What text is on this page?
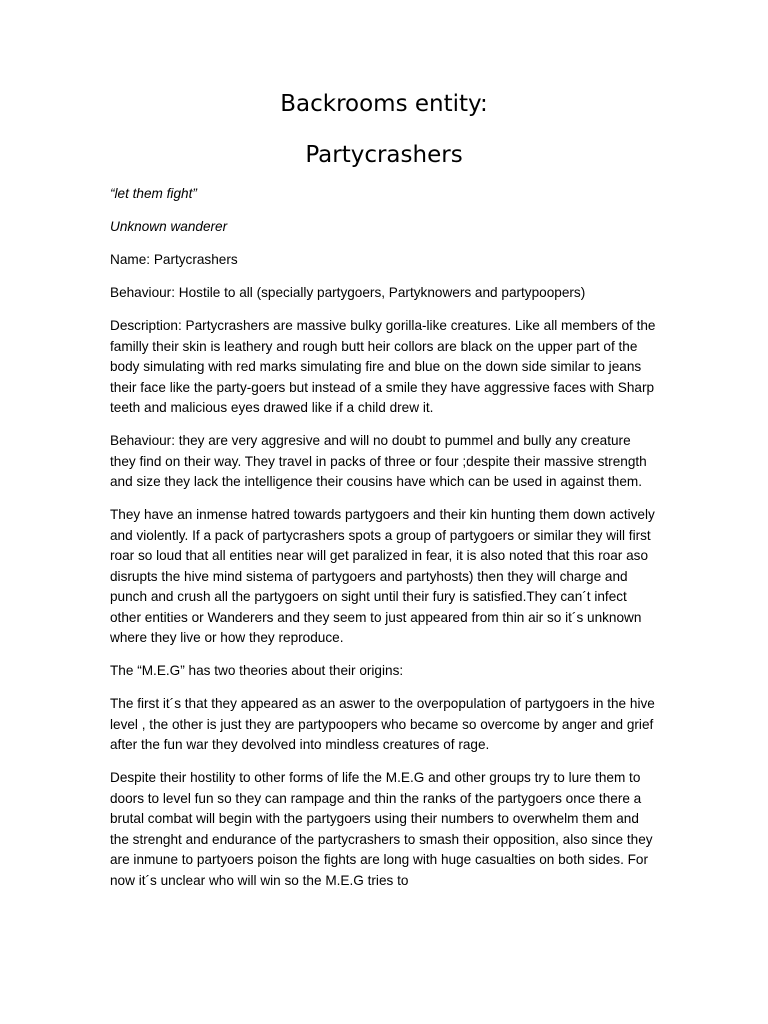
Backrooms entity:
Partycrashers

“let them fight”

Unknown wanderer

Name: Partycrashers

Behaviour: Hostile to all (specially partygoers, Partyknowers and partypoopers)

Description: Partycrashers are massive bulky gorilla-like creatures. Like all members of the familly their skin is leathery and rough butt heir collors are black on the upper part of the body simulating with red marks simulating fire and blue on the down side similar to jeans their face like the party-goers but instead of a smile they have aggressive faces with Sharp teeth and malicious eyes drawed like if a child drew it.

Behaviour: they are very aggresive and will no doubt to pummel and bully any creature they find on their way. They travel in packs of three or four ;despite their massive strength and size they lack the intelligence their cousins have which can be used in against them.

They have an inmense hatred towards partygoers and their kin hunting them down actively and violently. If a pack of partycrashers spots a group of partygoers or similar they will first roar so loud that all entities near will get paralized in fear, it is also noted that this roar aso disrupts the hive mind sistema of partygoers and partyhosts) then they will charge and punch and crush all the partygoers on sight until their fury is satisfied.They can´t infect other entities or Wanderers and they seem to just appeared from thin air so it´s unknown where they live or how they reproduce.

The “M.E.G” has two theories about their origins:

The first it´s that they appeared as an aswer to the overpopulation of partygoers in the hive level , the other is just they are partypoopers who became so overcome by anger and grief after the fun war they devolved into mindless creatures of rage.

Despite their hostility to other forms of life the M.E.G and other groups try to lure them to doors to level fun so they can rampage and thin the ranks of the partygoers once there a brutal combat will begin with the partygoers using their numbers to overwhelm them and the strenght and endurance of the partycrashers to smash their opposition, also since they are inmune to partyoers poison the fights are long with huge casualties on both sides. For now it´s unclear who will win so the M.E.G tries to
